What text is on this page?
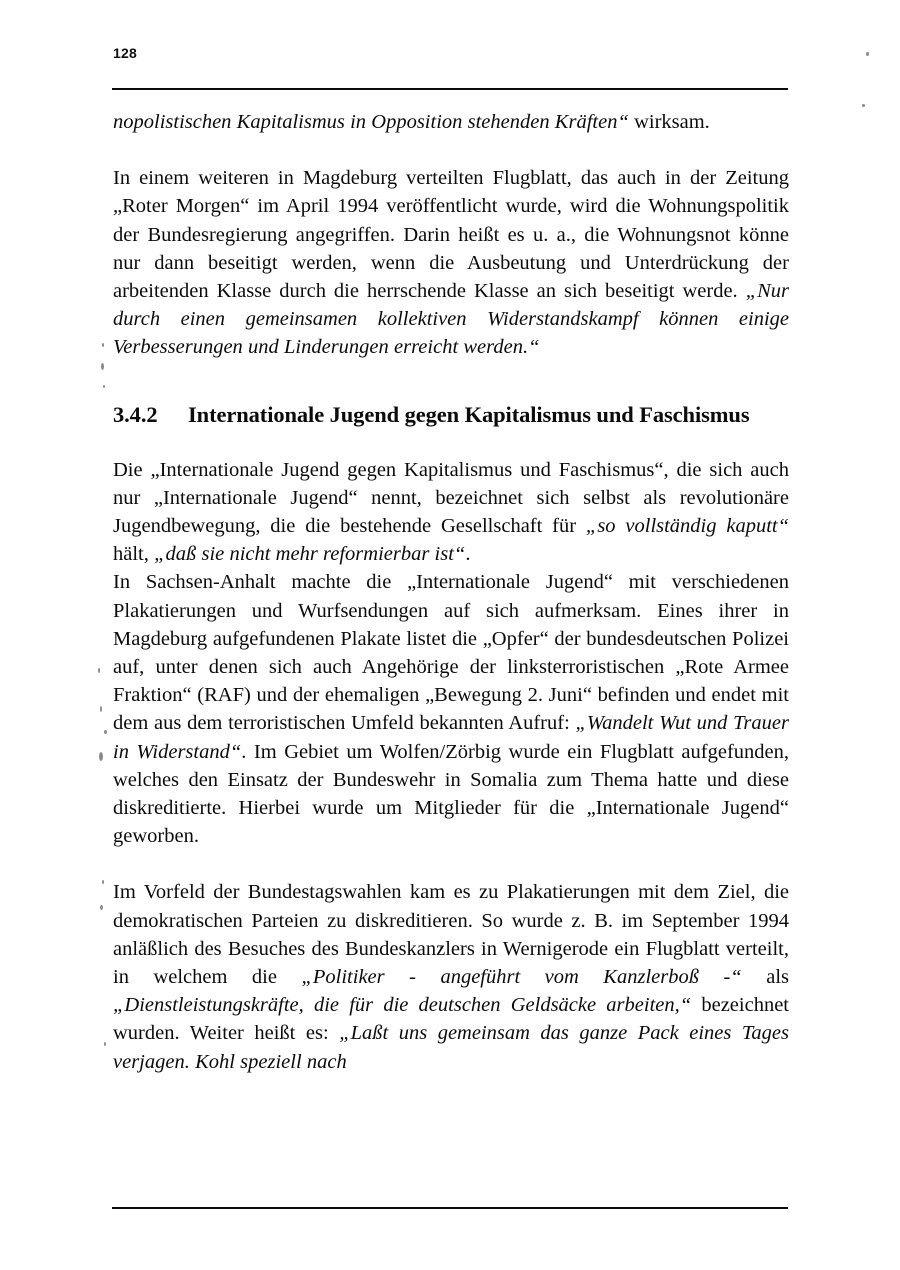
128

nopolistischen Kapitalismus in Opposition stehenden Kräften“ wirksam.

In einem weiteren in Magdeburg verteilten Flugblatt, das auch in der Zeitung „Roter Morgen“ im April 1994 veröffentlicht wurde, wird die Wohnungspolitik der Bundesregierung angegriffen. Darin heißt es u. a., die Wohnungsnot könne nur dann beseitigt werden, wenn die Ausbeutung und Unterdrückung der arbeitenden Klasse durch die herrschende Klasse an sich beseitigt werde. „Nur durch einen gemeinsamen kollektiven Widerstandskampf können einige Verbesserungen und Linderungen erreicht werden.“

3.4.2	Internationale Jugend gegen Kapitalismus und Faschismus

Die „Internationale Jugend gegen Kapitalismus und Faschismus“, die sich auch nur „Internationale Jugend“ nennt, bezeichnet sich selbst als revolutionäre Jugendbewegung, die die bestehende Gesellschaft für „so vollständig kaputt“ hält, „daß sie nicht mehr reformierbar ist“.

In Sachsen-Anhalt machte die „Internationale Jugend“ mit verschiedenen Plakatierungen und Wurfsendungen auf sich aufmerksam. Eines ihrer in Magdeburg aufgefundenen Plakate listet die „Opfer“ der bundesdeutschen Polizei auf, unter denen sich auch Angehörige der linksterroristischen „Rote Armee Fraktion“ (RAF) und der ehemaligen „Bewegung 2. Juni“ befinden und endet mit dem aus dem terroristischen Umfeld bekannten Aufruf: „Wandelt Wut und Trauer in Widerstand“. Im Gebiet um Wolfen/Zörbig wurde ein Flugblatt aufgefunden, welches den Einsatz der Bundeswehr in Somalia zum Thema hatte und diese diskreditierte. Hierbei wurde um Mitglieder für die „Internationale Jugend“ geworben.

Im Vorfeld der Bundestagswahlen kam es zu Plakatierungen mit dem Ziel, die demokratischen Parteien zu diskreditieren. So wurde z. B. im September 1994 anläßlich des Besuches des Bundeskanzlers in Wernigerode ein Flugblatt verteilt, in welchem die „Politiker - angeführt vom Kanzlerboß -“ als „Dienstleistungskräfte, die für die deutschen Geldsäcke arbeiten,“ bezeichnet wurden. Weiter heißt es: „Laßt uns gemeinsam das ganze Pack eines Tages verjagen. Kohl speziell nach
